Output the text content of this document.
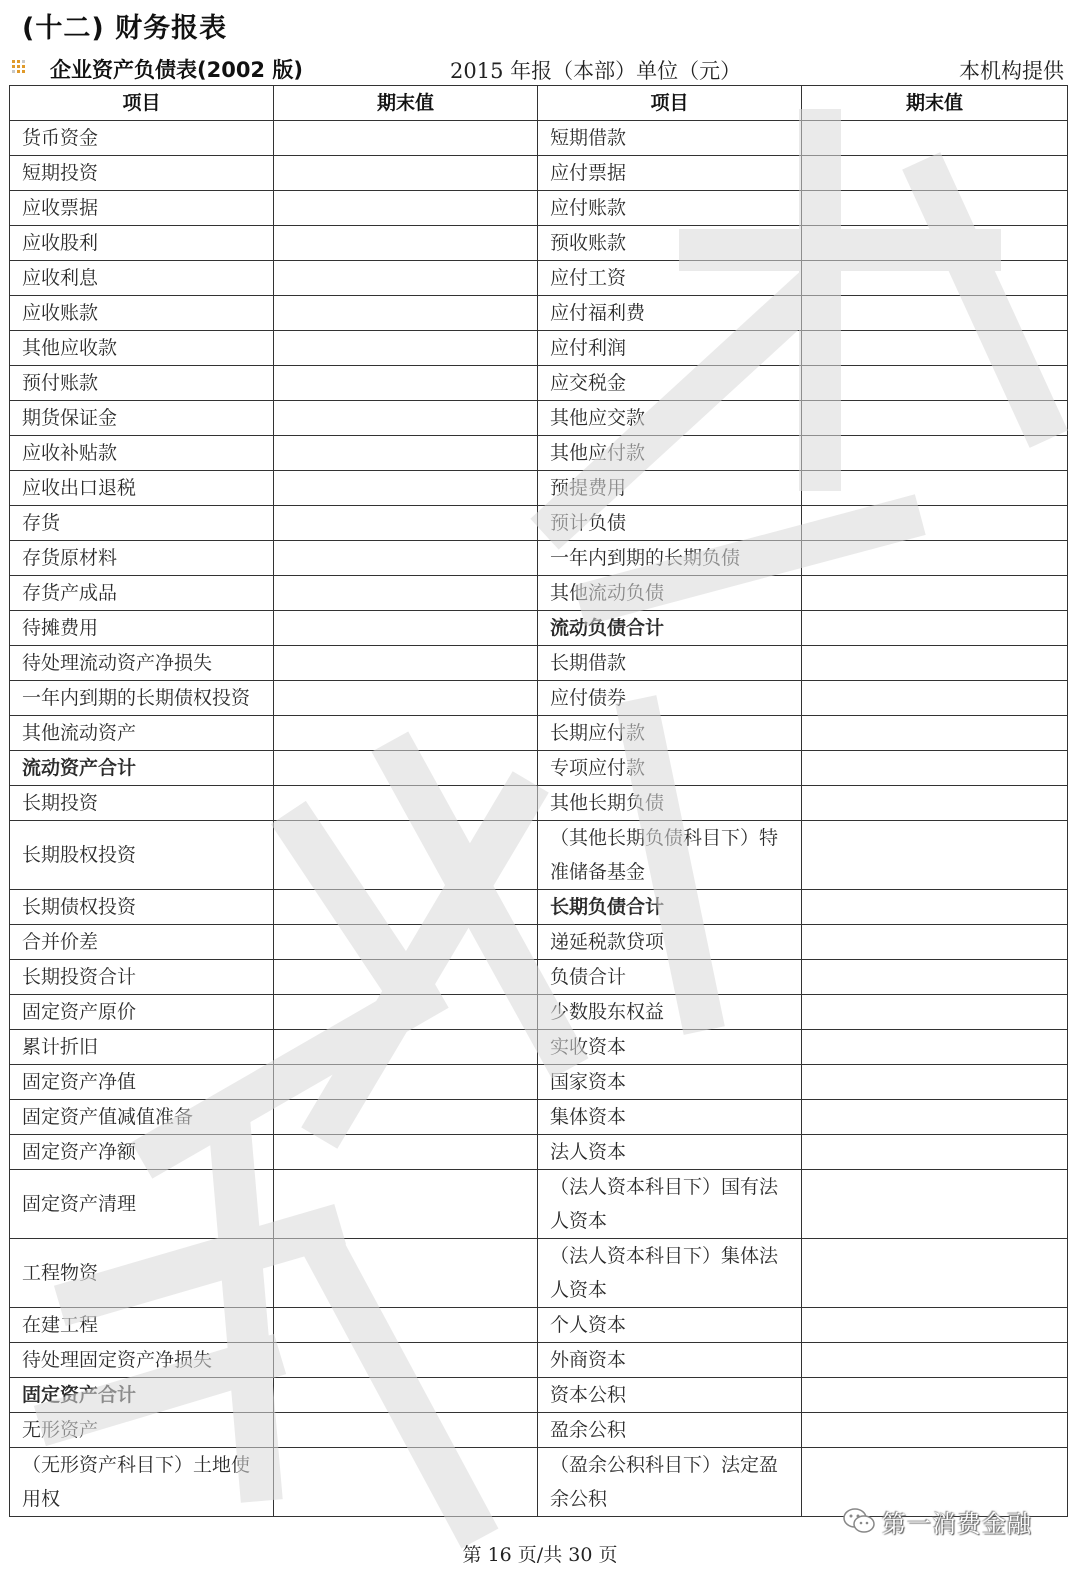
(十二) 财务报表
企业资产负债表(2002 版)	2015 年报（本部）单位（元）	本机构提供
项目	期末值	项目	期末值
货币资金		短期借款	
短期投资		应付票据	
应收票据		应付账款	
应收股利		预收账款	
应收利息		应付工资	
应收账款		应付福利费	
其他应收款		应付利润	
预付账款		应交税金	
期货保证金		其他应交款	
应收补贴款		其他应付款	
应收出口退税		预提费用	
存货		预计负债	
存货原材料		一年内到期的长期负债	
存货产成品		其他流动负债	
待摊费用		流动负债合计	
待处理流动资产净损失		长期借款	
一年内到期的长期债权投资		应付债券	
其他流动资产		长期应付款	
流动资产合计		专项应付款	
长期投资		其他长期负债	
长期股权投资		（其他长期负债科目下）特准储备基金	
长期债权投资		长期负债合计	
合并价差		递延税款贷项	
长期投资合计		负债合计	
固定资产原价		少数股东权益	
累计折旧		实收资本	
固定资产净值		国家资本	
固定资产值减值准备		集体资本	
固定资产净额		法人资本	
固定资产清理		（法人资本科目下）国有法人资本	
工程物资		（法人资本科目下）集体法人资本	
在建工程		个人资本	
待处理固定资产净损失		外商资本	
固定资产合计		资本公积	
无形资产		盈余公积	
（无形资产科目下）土地使用权		（盈余公积科目下）法定盈余公积	
第一消费金融
第 16 页/共 30 页
